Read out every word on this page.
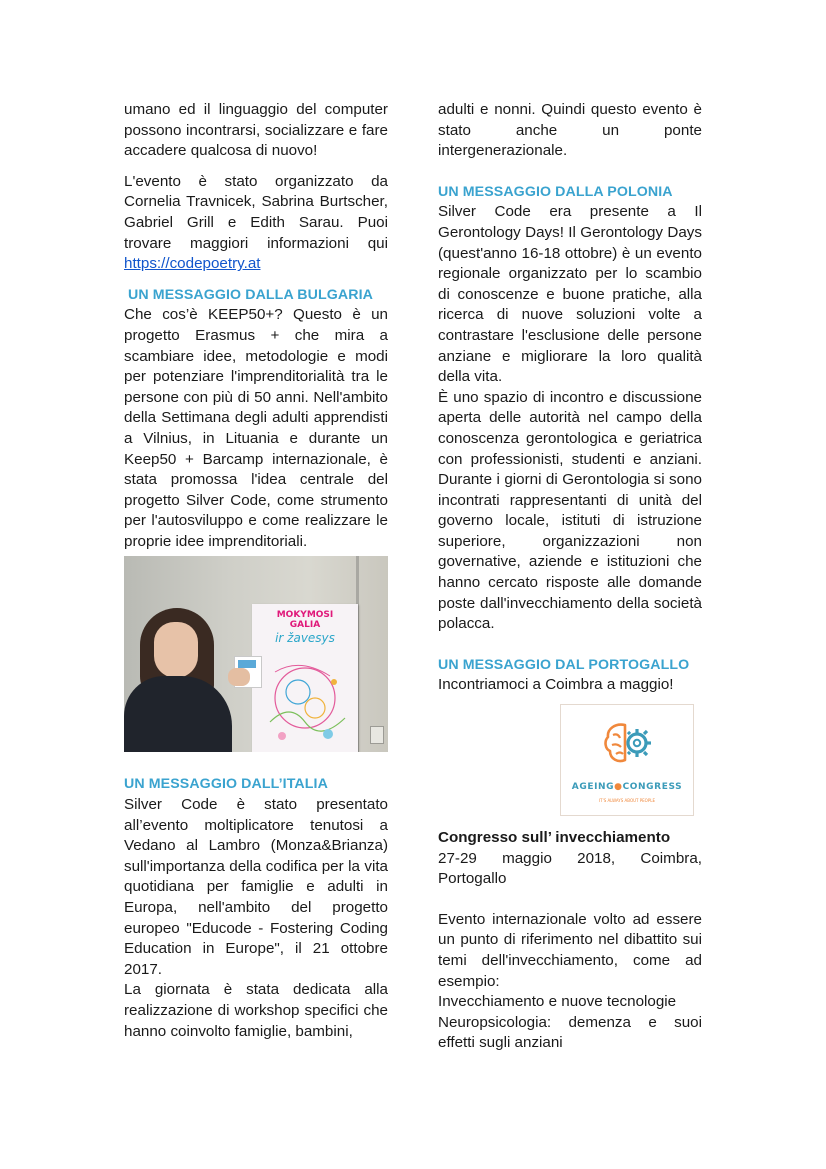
umano ed il linguaggio del computer possono incontrarsi, socializzare e fare accadere qualcosa di nuovo!

L'evento è stato organizzato da Cornelia Travnicek, Sabrina Burtscher, Gabriel Grill e Edith Sarau. Puoi trovare maggiori informazioni qui https://codepoetry.at

UN MESSAGGIO DALLA BULGARIA

Che cos’è KEEP50+? Questo è un progetto Erasmus + che mira a scambiare idee, metodologie e modi per potenziare l'imprenditorialità tra le persone con più di 50 anni. Nell'ambito della Settimana degli adulti apprendisti a Vilnius, in Lituania e durante un Keep50 + Barcamp internazionale, è stata promossa l'idea centrale del progetto Silver Code, come strumento per l'autosviluppo e come realizzare le proprie idee imprenditoriali.

MOKYMOSI
GALIA
ir žavesys
UN MESSAGGIO DALL’ITALIA

Silver Code è stato presentato all’evento moltiplicatore tenutosi a Vedano al Lambro (Monza&Brianza) sull'importanza della codifica per la vita quotidiana per famiglie e adulti in Europa, nell'ambito del progetto europeo "Educode - Fostering Coding Education in Europe", il 21 ottobre 2017.

La giornata è stata dedicata alla realizzazione di workshop specifici che hanno coinvolto famiglie, bambini,

adulti e nonni. Quindi questo evento è stato anche un ponte intergenerazionale.

UN MESSAGGIO DALLA POLONIA

Silver Code era presente a Il Gerontology Days! Il Gerontology Days (quest'anno 16-18 ottobre) è un evento regionale organizzato per lo scambio di conoscenze e buone pratiche, alla ricerca di nuove soluzioni volte a contrastare l'esclusione delle persone anziane e migliorare la loro qualità della vita.

È uno spazio di incontro e discussione aperta delle autorità nel campo della conoscenza gerontologica e geriatrica con professionisti, studenti e anziani. Durante i giorni di Gerontologia si sono incontrati rappresentanti di unità del governo locale, istituti di istruzione superiore, organizzazioni non governative, aziende e istituzioni che hanno cercato risposte alle domande poste dall'invecchiamento della società polacca.

UN MESSAGGIO DAL PORTOGALLO

Incontriamoci a Coimbra a maggio!

AGEING●CONGRESS
IT'S ALWAYS ABOUT PEOPLE

Congresso sull’ invecchiamento

27-29 maggio 2018, Coimbra, Portogallo

Evento internazionale volto ad essere un punto di riferimento nel dibattito sui temi dell'invecchiamento, come ad esempio:

Invecchiamento e nuove tecnologie

Neuropsicologia: demenza e suoi effetti sugli anziani
